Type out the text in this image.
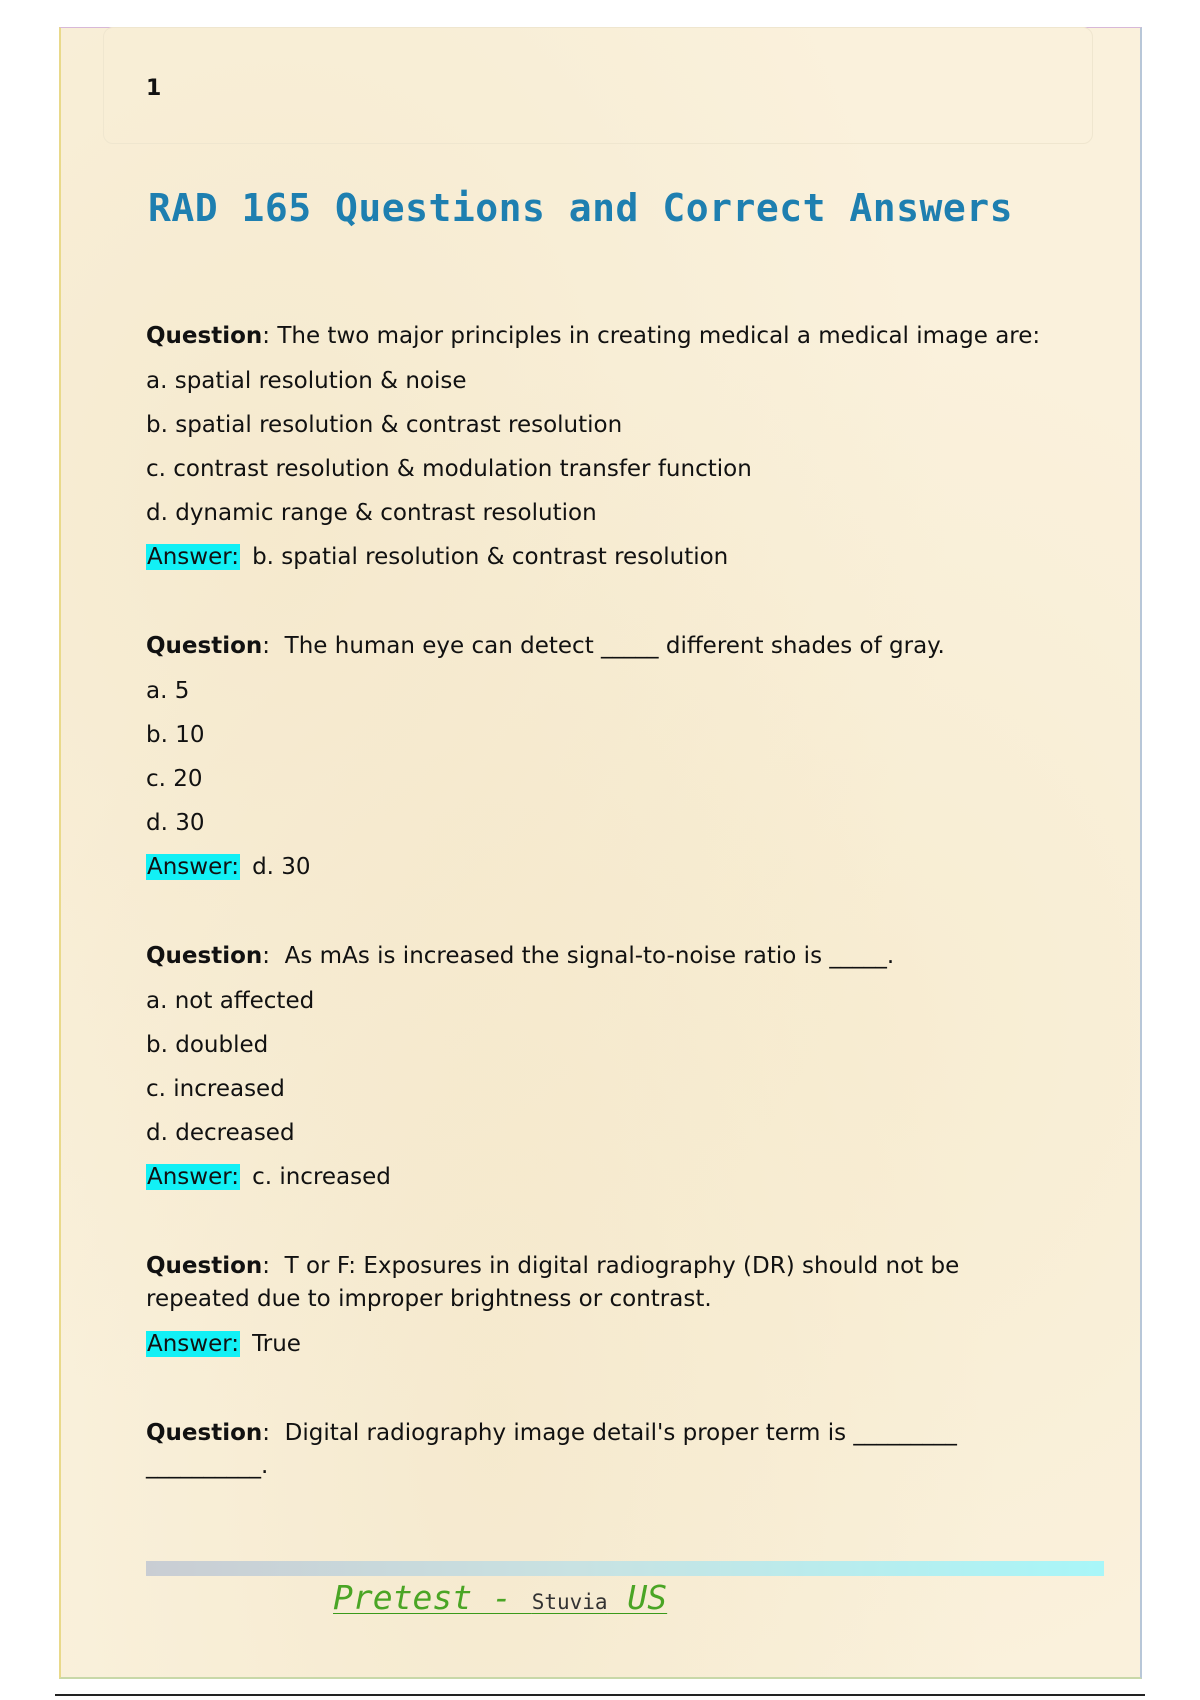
1
RAD 165 Questions and Correct Answers

Question: The two major principles in creating medical a medical image are:

a. spatial resolution & noise

b. spatial resolution & contrast resolution

c. contrast resolution & modulation transfer function

d. dynamic range & contrast resolution

Answer: b. spatial resolution & contrast resolution

Question:  The human eye can detect _____ different shades of gray.

a. 5

b. 10

c. 20

d. 30

Answer: d. 30

Question:  As mAs is increased the signal-to-noise ratio is _____.

a. not affected

b. doubled

c. increased

d. decreased

Answer: c. increased

Question:  T or F: Exposures in digital radiography (DR) should not be repeated due to improper brightness or contrast.

Answer: True

Question:  Digital radiography image detail's proper term is _________ __________.

Pretest - Stuvia US
